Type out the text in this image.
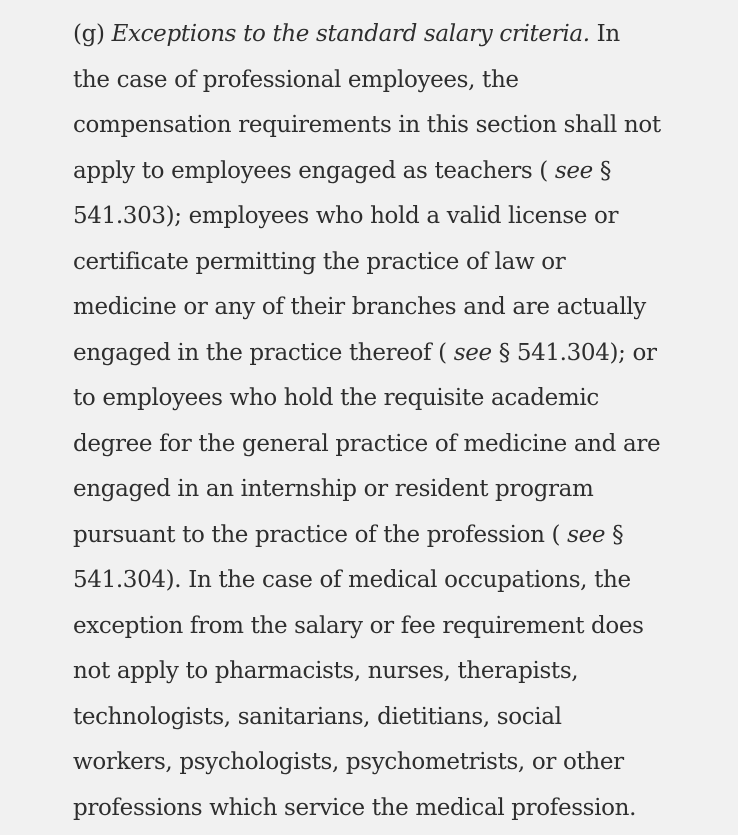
(g) Exceptions to the standard salary criteria. In
the case of professional employees, the
compensation requirements in this section shall not
apply to employees engaged as teachers ( see §
541.303); employees who hold a valid license or
certificate permitting the practice of law or
medicine or any of their branches and are actually
engaged in the practice thereof ( see § 541.304); or
to employees who hold the requisite academic
degree for the general practice of medicine and are
engaged in an internship or resident program
pursuant to the practice of the profession ( see §
541.304). In the case of medical occupations, the
exception from the salary or fee requirement does
not apply to pharmacists, nurses, therapists,
technologists, sanitarians, dietitians, social
workers, psychologists, psychometrists, or other
professions which service the medical profession.
